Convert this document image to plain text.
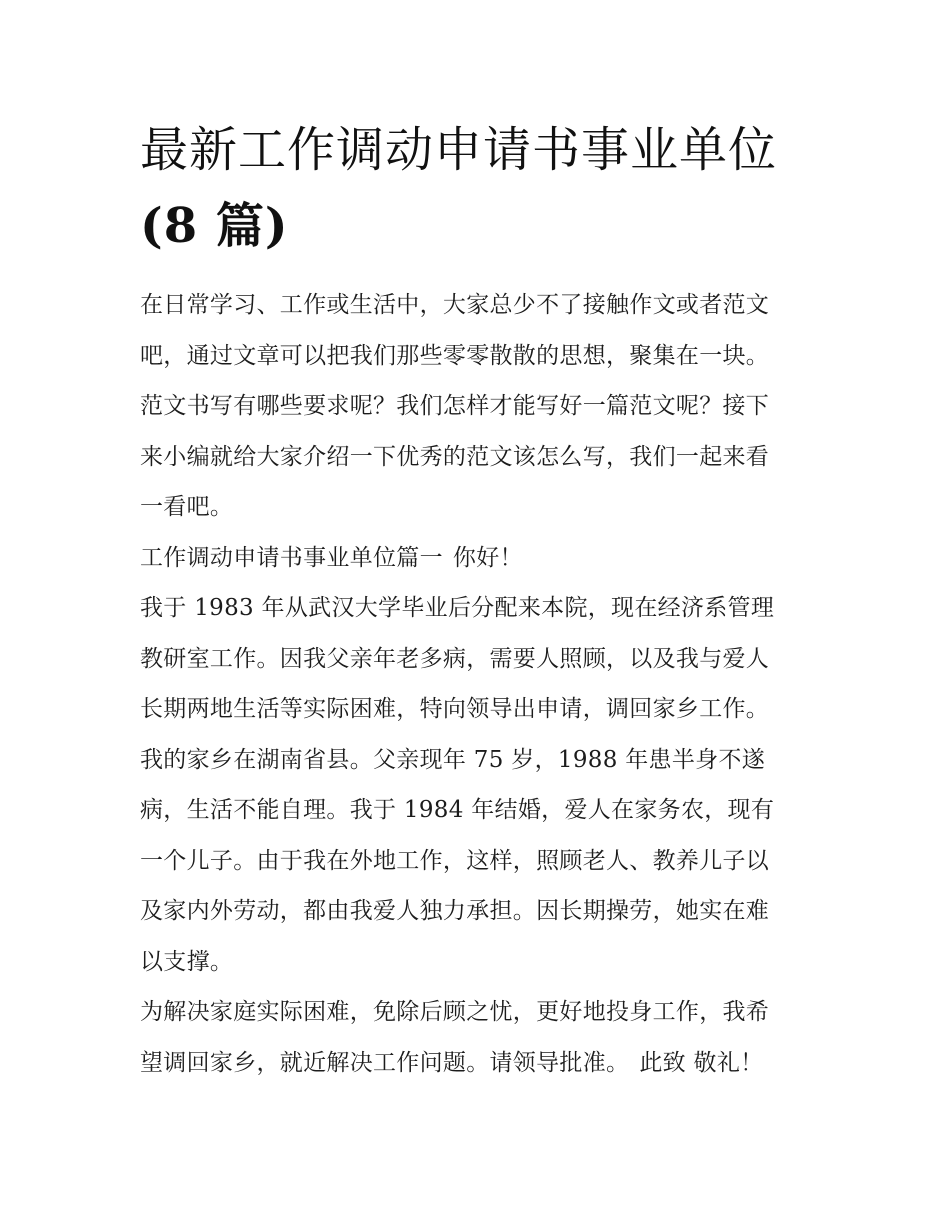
最新工作调动申请书事业单位
(8 篇)

在日常学习、工作或生活中，大家总少不了接触作文或者范文

吧，通过文章可以把我们那些零零散散的思想，聚集在一块。

范文书写有哪些要求呢？我们怎样才能写好一篇范文呢？接下

来小编就给大家介绍一下优秀的范文该怎么写，我们一起来看

一看吧。

工作调动申请书事业单位篇一 你好！

我于 1983 年从武汉大学毕业后分配来本院，现在经济系管理

教研室工作。因我父亲年老多病，需要人照顾，以及我与爱人

长期两地生活等实际困难，特向领导出申请，调回家乡工作。

我的家乡在湖南省县。父亲现年 75 岁，1988 年患半身不遂

病，生活不能自理。我于 1984 年结婚，爱人在家务农，现有

一个儿子。由于我在外地工作，这样，照顾老人、教养儿子以

及家内外劳动，都由我爱人独力承担。因长期操劳，她实在难

以支撑。

为解决家庭实际困难，免除后顾之忧，更好地投身工作，我希

望调回家乡，就近解决工作问题。请领导批准。 此致 敬礼！
